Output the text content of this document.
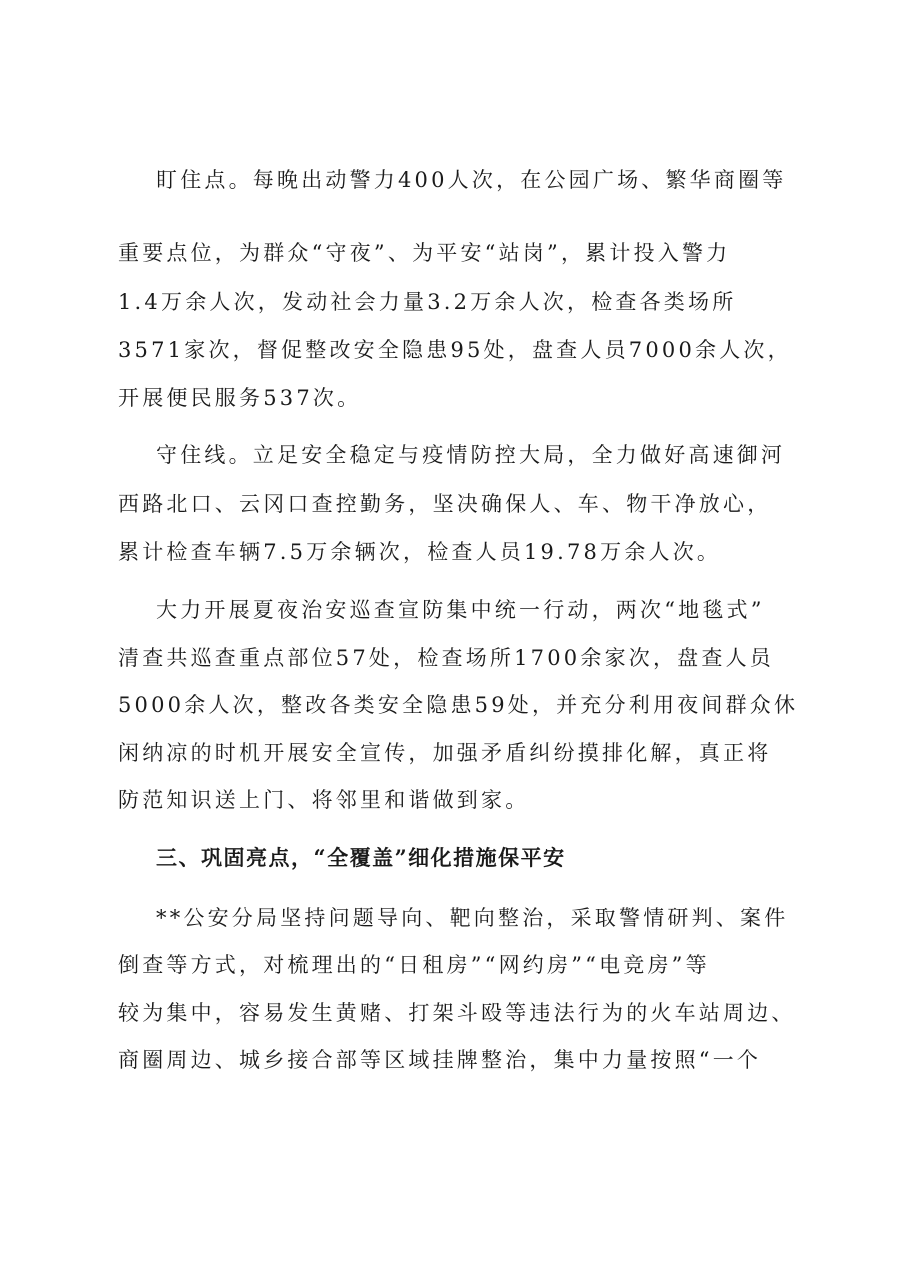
盯住点。每晚出动警力400人次，在公园广场、繁华商圈等
重要点位，为群众“守夜”、为平安“站岗”，累计投入警力
1.4万余人次，发动社会力量3.2万余人次，检查各类场所
3571家次，督促整改安全隐患95处，盘查人员7000余人次，
开展便民服务537次。
守住线。立足安全稳定与疫情防控大局，全力做好高速御河
西路北口、云冈口查控勤务，坚决确保人、车、物干净放心，
累计检查车辆7.5万余辆次，检查人员19.78万余人次。
大力开展夏夜治安巡查宣防集中统一行动，两次“地毯式”
清查共巡查重点部位57处，检查场所1700余家次，盘查人员
5000余人次，整改各类安全隐患59处，并充分利用夜间群众休
闲纳凉的时机开展安全宣传，加强矛盾纠纷摸排化解，真正将
防范知识送上门、将邻里和谐做到家。
三、巩固亮点，“全覆盖”细化措施保平安
**公安分局坚持问题导向、靶向整治，采取警情研判、案件
倒查等方式，对梳理出的“日租房”“网约房”“电竞房”等
较为集中，容易发生黄赌、打架斗殴等违法行为的火车站周边、
商圈周边、城乡接合部等区域挂牌整治，集中力量按照“一个
